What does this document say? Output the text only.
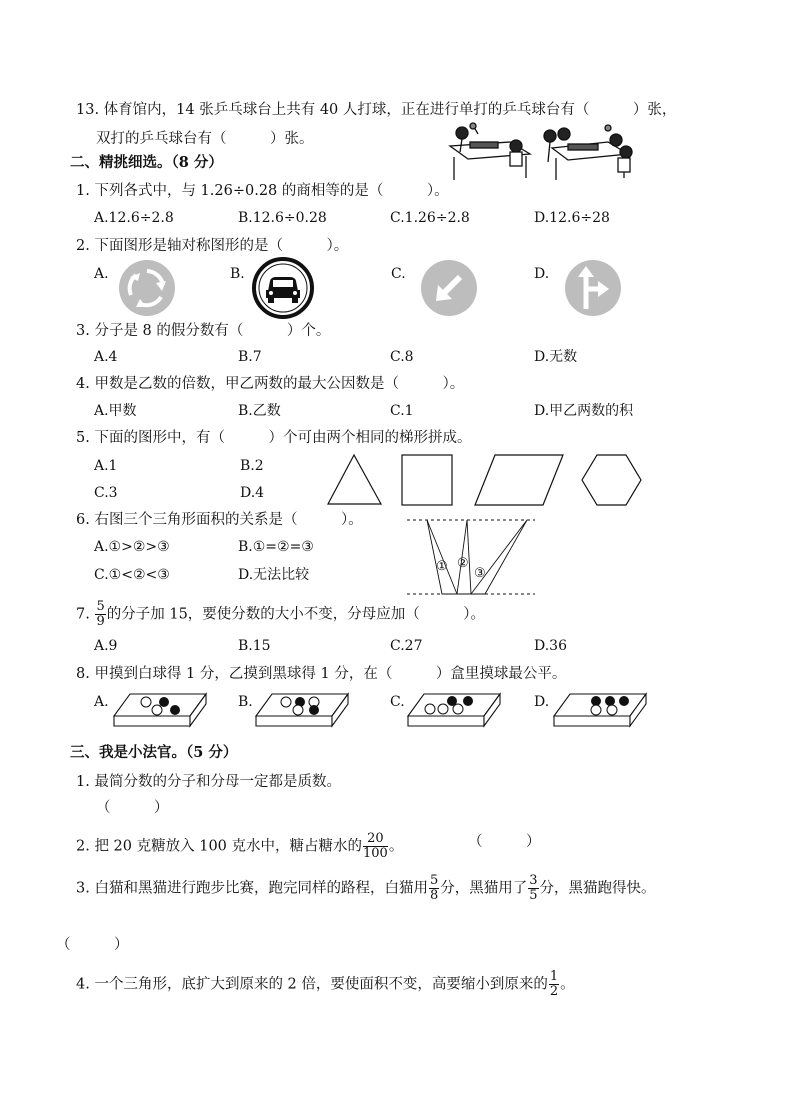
13. 体育馆内，14 张乒乓球台上共有 40 人打球，正在进行单打的乒乓球台有（　　　）张，
双打的乒乓球台有（　　　）张。
二、精挑细选。（8 分）
1. 下列各式中，与 1.26÷0.28 的商相等的是（　　　）。
A.12.6÷2.8	B.12.6÷0.28	C.1.26÷2.8	D.12.6÷28
2. 下面图形是轴对称图形的是（　　　）。
A.	B.	C.	D.
3. 分子是 8 的假分数有（　　　）个。
A.4	B.7	C.8	D.无数
4. 甲数是乙数的倍数，甲乙两数的最大公因数是（　　　）。
A.甲数	B.乙数	C.1	D.甲乙两数的积
5. 下面的图形中，有（　　　）个可由两个相同的梯形拼成。
A.1	B.2
C.3	D.4
6. 右图三个三角形面积的关系是（　　　）。
A.①>②>③	B.①=②=③
C.①<②<③	D.无法比较
① ②
③
7. $\frac{5}{9}$ 的分子加 15，要使分数的大小不变，分母应加（　　　）。
A.9	B.15	C.27	D.36
8. 甲摸到白球得 1 分，乙摸到黑球得 1 分，在（　　　）盒里摸球最公平。
A.	B.	C.	D.
三、我是小法官。（5 分）
1. 最简分数的分子和分母一定都是质数。
（　　　）
2. 把 20 克糖放入 100 克水中，糖占糖水的 $\frac{20}{100}$ 。	（　　　）
3. 白猫和黑猫进行跑步比赛，跑完同样的路程，白猫用 $\frac{5}{8}$ 分，黑猫用了 $\frac{3}{5}$ 分，黑猫跑得快。
（　　　）
4. 一个三角形，底扩大到原来的 2 倍，要使面积不变，高要缩小到原来的 $\frac{1}{2}$ 。
